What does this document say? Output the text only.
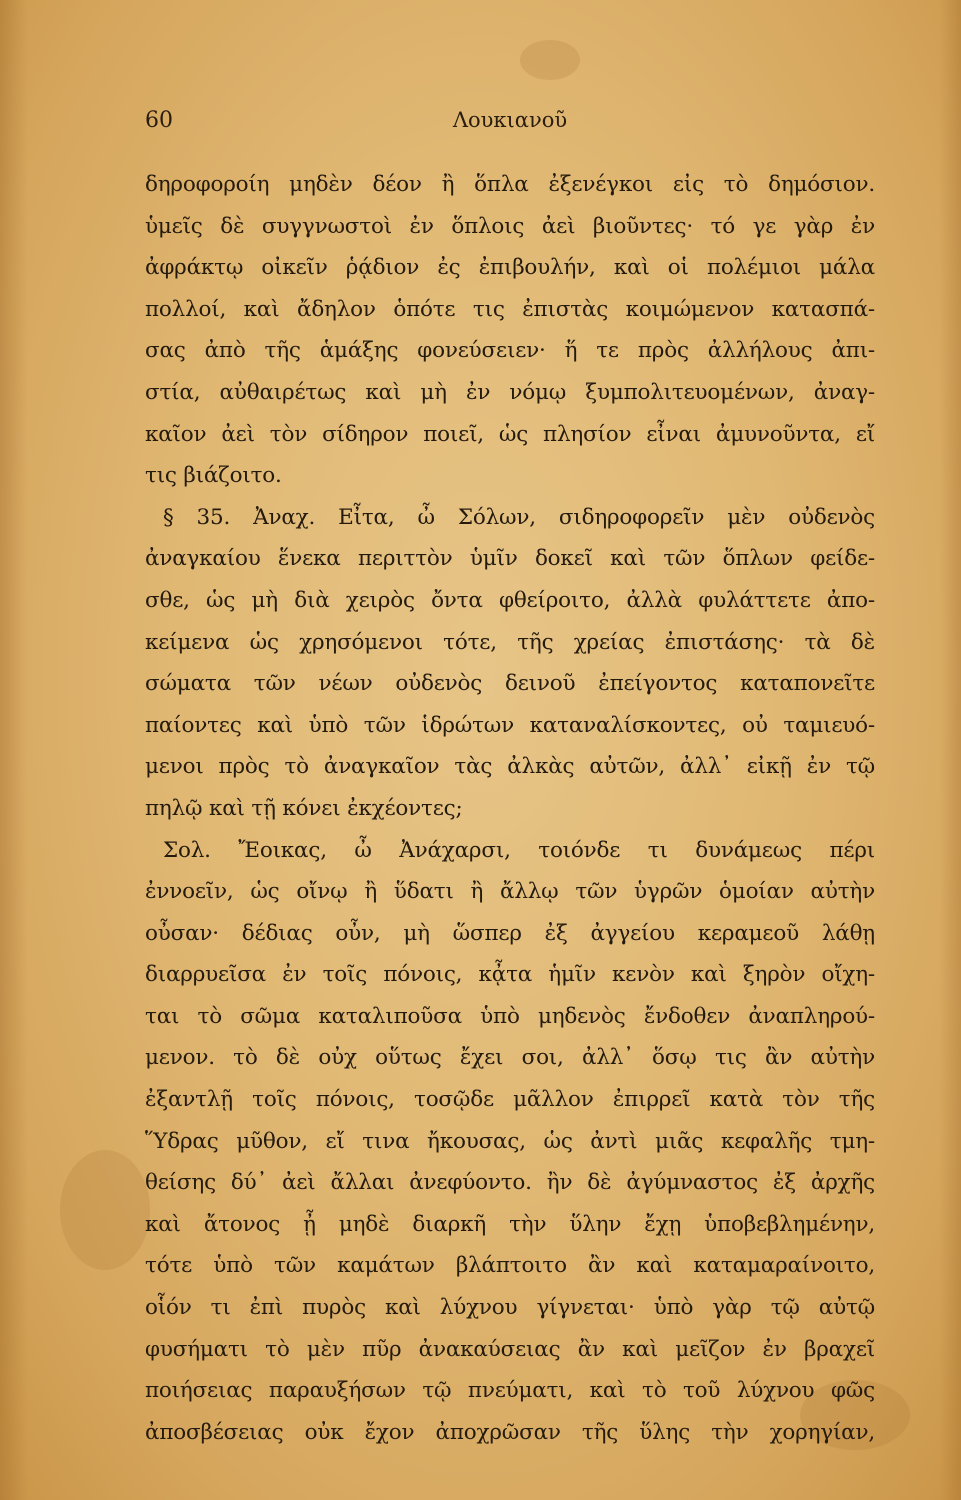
60	Λουκιανοῦ
δηροφοροίη μηδὲν δέον ἢ ὅπλα ἐξενέγκοι εἰς τὸ δημόσιον.
ὑμεῖς δὲ συγγνωστοὶ ἐν ὅπλοις ἀεὶ βιοῦντες· τό γε γὰρ ἐν
ἀφράκτῳ οἰκεῖν ῥᾴδιον ἐς ἐπιβουλήν, καὶ οἱ πολέμιοι μάλα
πολλοί, καὶ ἄδηλον ὁπότε τις ἐπιστὰς κοιμώμενον κατασπά-
σας ἀπὸ τῆς ἁμάξης φονεύσειεν· ἥ τε πρὸς ἀλλήλους ἀπι-
στία, αὐθαιρέτως καὶ μὴ ἐν νόμῳ ξυμπολιτευομένων, ἀναγ-
καῖον ἀεὶ τὸν σίδηρον ποιεῖ, ὡς πλησίον εἶναι ἀμυνοῦντα, εἴ
τις βιάζοιτο.
§ 35. Ἀναχ. Εἶτα, ὦ Σόλων, σιδηροφορεῖν μὲν οὐδενὸς
ἀναγκαίου ἕνεκα περιττὸν ὑμῖν δοκεῖ καὶ τῶν ὅπλων φείδε-
σθε, ὡς μὴ διὰ χειρὸς ὄντα φθείροιτο, ἀλλὰ φυλάττετε ἀπο-
κείμενα ὡς χρησόμενοι τότε, τῆς χρείας ἐπιστάσης· τὰ δὲ
σώματα τῶν νέων οὐδενὸς δεινοῦ ἐπείγοντος καταπονεῖτε
παίοντες καὶ ὑπὸ τῶν ἱδρώτων καταναλίσκοντες, οὐ ταμιευό-
μενοι πρὸς τὸ ἀναγκαῖον τὰς ἀλκὰς αὐτῶν, ἀλλ᾽ εἰκῇ ἐν τῷ
πηλῷ καὶ τῇ κόνει ἐκχέοντες;
Σολ. Ἔοικας, ὦ Ἀνάχαρσι, τοιόνδε τι δυνάμεως πέρι
ἐννοεῖν, ὡς οἴνῳ ἢ ὕδατι ἢ ἄλλῳ τῶν ὑγρῶν ὁμοίαν αὐτὴν
οὖσαν· δέδιας οὖν, μὴ ὥσπερ ἐξ ἀγγείου κεραμεοῦ λάθῃ
διαρρυεῖσα ἐν τοῖς πόνοις, κᾆτα ἡμῖν κενὸν καὶ ξηρὸν οἴχη-
ται τὸ σῶμα καταλιποῦσα ὑπὸ μηδενὸς ἔνδοθεν ἀναπληρού-
μενον. τὸ δὲ οὐχ οὕτως ἔχει σοι, ἀλλ᾽ ὅσῳ τις ἂν αὐτὴν
ἐξαντλῇ τοῖς πόνοις, τοσῷδε μᾶλλον ἐπιρρεῖ κατὰ τὸν τῆς
Ὕδρας μῦθον, εἴ τινα ἤκουσας, ὡς ἀντὶ μιᾶς κεφαλῆς τμη-
θείσης δύ᾽ ἀεὶ ἄλλαι ἀνεφύοντο. ἢν δὲ ἀγύμναστος ἐξ ἀρχῆς
καὶ ἄτονος ᾖ μηδὲ διαρκῆ τὴν ὕλην ἔχῃ ὑποβεβλημένην,
τότε ὑπὸ τῶν καμάτων βλάπτοιτο ἂν καὶ καταμαραίνοιτο,
οἷόν τι ἐπὶ πυρὸς καὶ λύχνου γίγνεται· ὑπὸ γὰρ τῷ αὐτῷ
φυσήματι τὸ μὲν πῦρ ἀνακαύσειας ἂν καὶ μεῖζον ἐν βραχεῖ
ποιήσειας παραυξήσων τῷ πνεύματι, καὶ τὸ τοῦ λύχνου φῶς
ἀποσβέσειας οὐκ ἔχον ἀποχρῶσαν τῆς ὕλης τὴν χορηγίαν,
